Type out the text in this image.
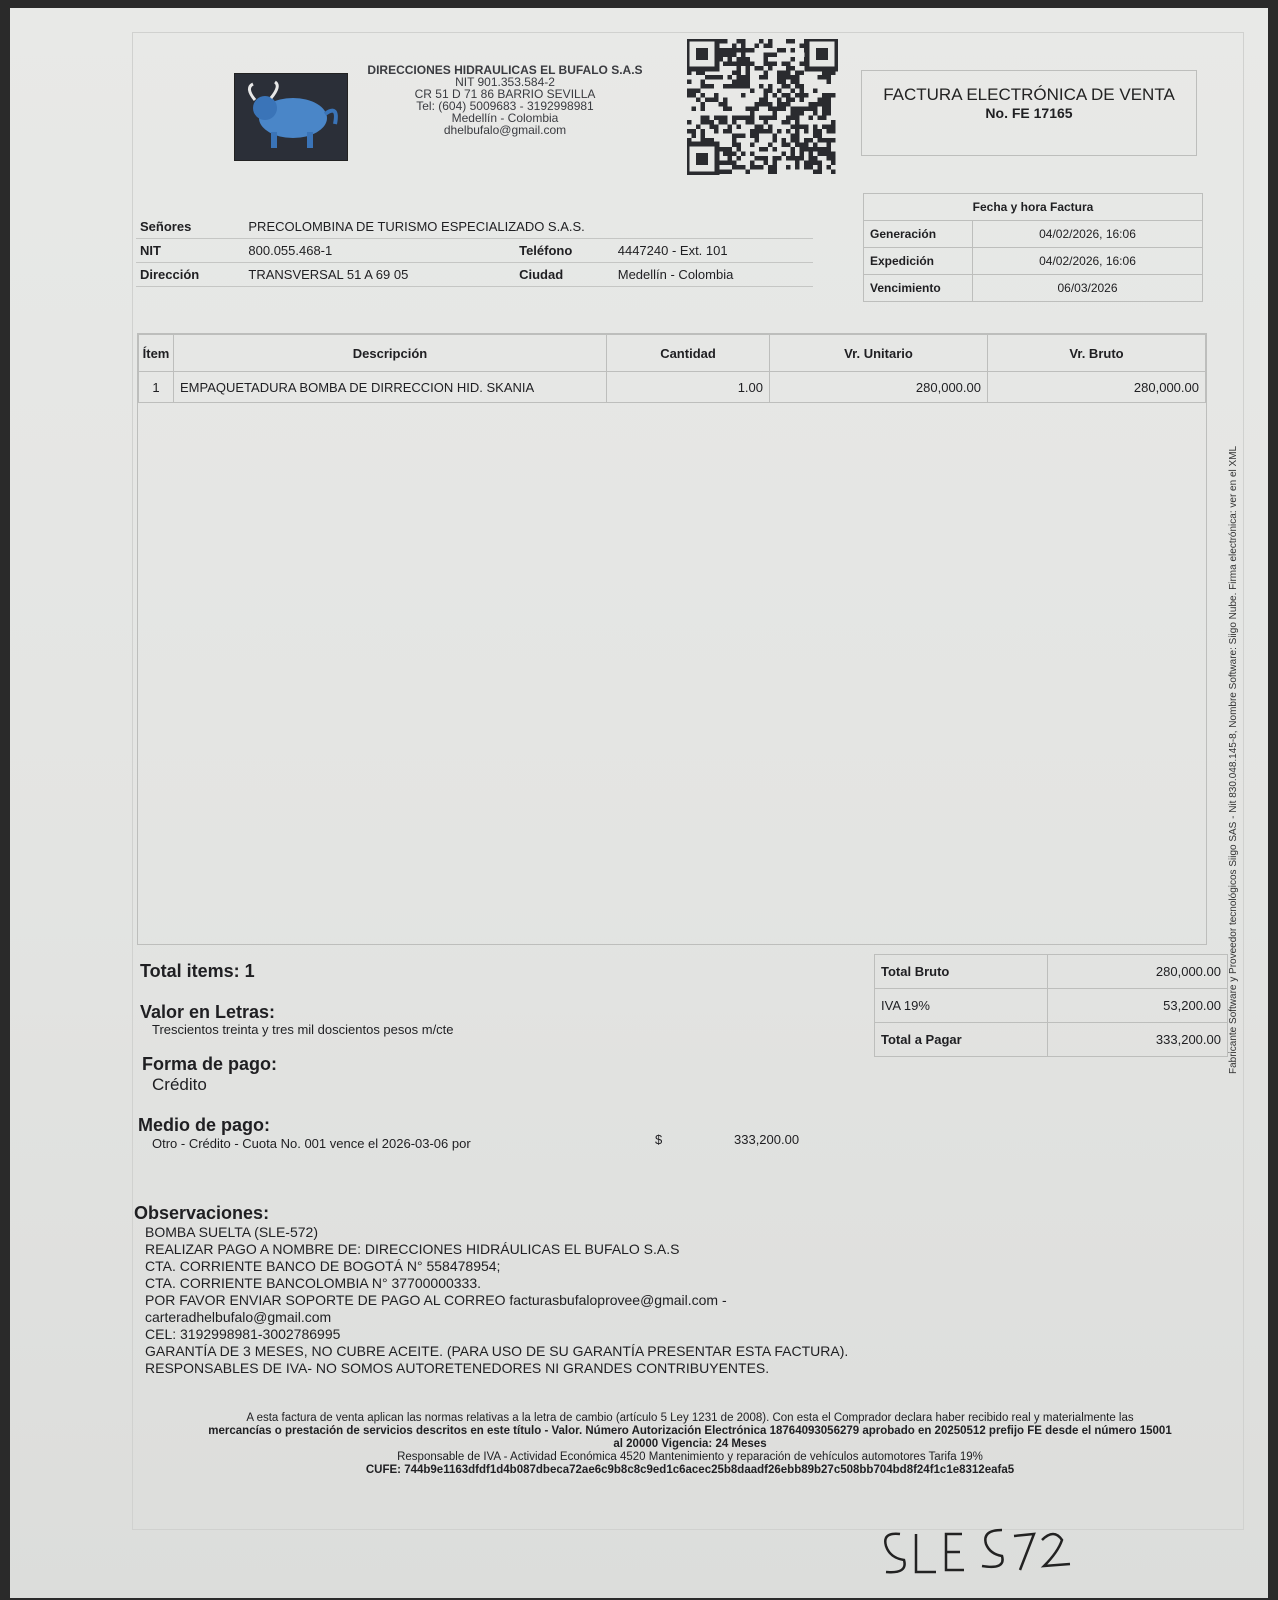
DIRECCIONES HIDRAULICAS EL BUFALO S.A.S
NIT 901.353.584-2
CR 51 D 71 86 BARRIO SEVILLA
Tel: (604) 5009683 - 3192998981
Medellín - Colombia
dhelbufalo@gmail.com
FACTURA ELECTRÓNICA DE VENTA
No. FE 17165
Fecha y hora Factura	
Generación	04/02/2026, 16:06
Expedición	04/02/2026, 16:06
Vencimiento	06/03/2026
Señores	PRECOLOMBINA DE TURISMO ESPECIALIZADO S.A.S.		
NIT	800.055.468-1	Teléfono	4447240 - Ext. 101
Dirección	TRANSVERSAL 51 A 69 05	Ciudad	Medellín - Colombia
Ítem	Descripción	Cantidad	Vr. Unitario	Vr. Bruto
1	EMPAQUETADURA BOMBA DE DIRRECCION HID. SKANIA	1.00	280,000.00	280,000.00
Total items: 1
Valor en Letras:
Trescientos treinta y tres mil doscientos pesos m/cte
Forma de pago:
Crédito
Medio de pago:
Otro - Crédito - Cuota No. 001 vence el 2026-03-06 por	$	333,200.00
Total Bruto	280,000.00
IVA 19%	53,200.00
Total a Pagar	333,200.00
Observaciones:
BOMBA SUELTA (SLE-572)
REALIZAR PAGO A NOMBRE DE: DIRECCIONES HIDRÁULICAS EL BUFALO S.A.S
CTA. CORRIENTE BANCO DE BOGOTÁ N° 558478954;
CTA. CORRIENTE BANCOLOMBIA N° 37700000333.
POR FAVOR ENVIAR SOPORTE DE PAGO AL CORREO facturasbufaloprovee@gmail.com -
carteradhelbufalo@gmail.com
CEL: 3192998981-3002786995
GARANTÍA DE 3 MESES, NO CUBRE ACEITE. (PARA USO DE SU GARANTÍA PRESENTAR ESTA FACTURA).
RESPONSABLES DE IVA- NO SOMOS AUTORETENEDORES NI GRANDES CONTRIBUYENTES.
A esta factura de venta aplican las normas relativas a la letra de cambio (artículo 5 Ley 1231 de 2008). Con esta el Comprador declara haber recibido real y materialmente las
mercancías o prestación de servicios descritos en este título - Valor. Número Autorización Electrónica 18764093056279 aprobado en 20250512 prefijo FE desde el número 15001
al 20000 Vigencia: 24 Meses
Responsable de IVA - Actividad Económica 4520 Mantenimiento y reparación de vehículos automotores Tarifa 19%
CUFE: 744b9e1163dfdf1d4b087dbeca72ae6c9b8c8c9ed1c6acec25b8daadf26ebb89b27c508bb704bd8f24f1c1e8312eafa5
Fabricante Software y Proveedor tecnológicos Siigo SAS - Nit 830.048.145-8, Nombre Software: Siigo Nube. Firma electrónica: ver en el XML
